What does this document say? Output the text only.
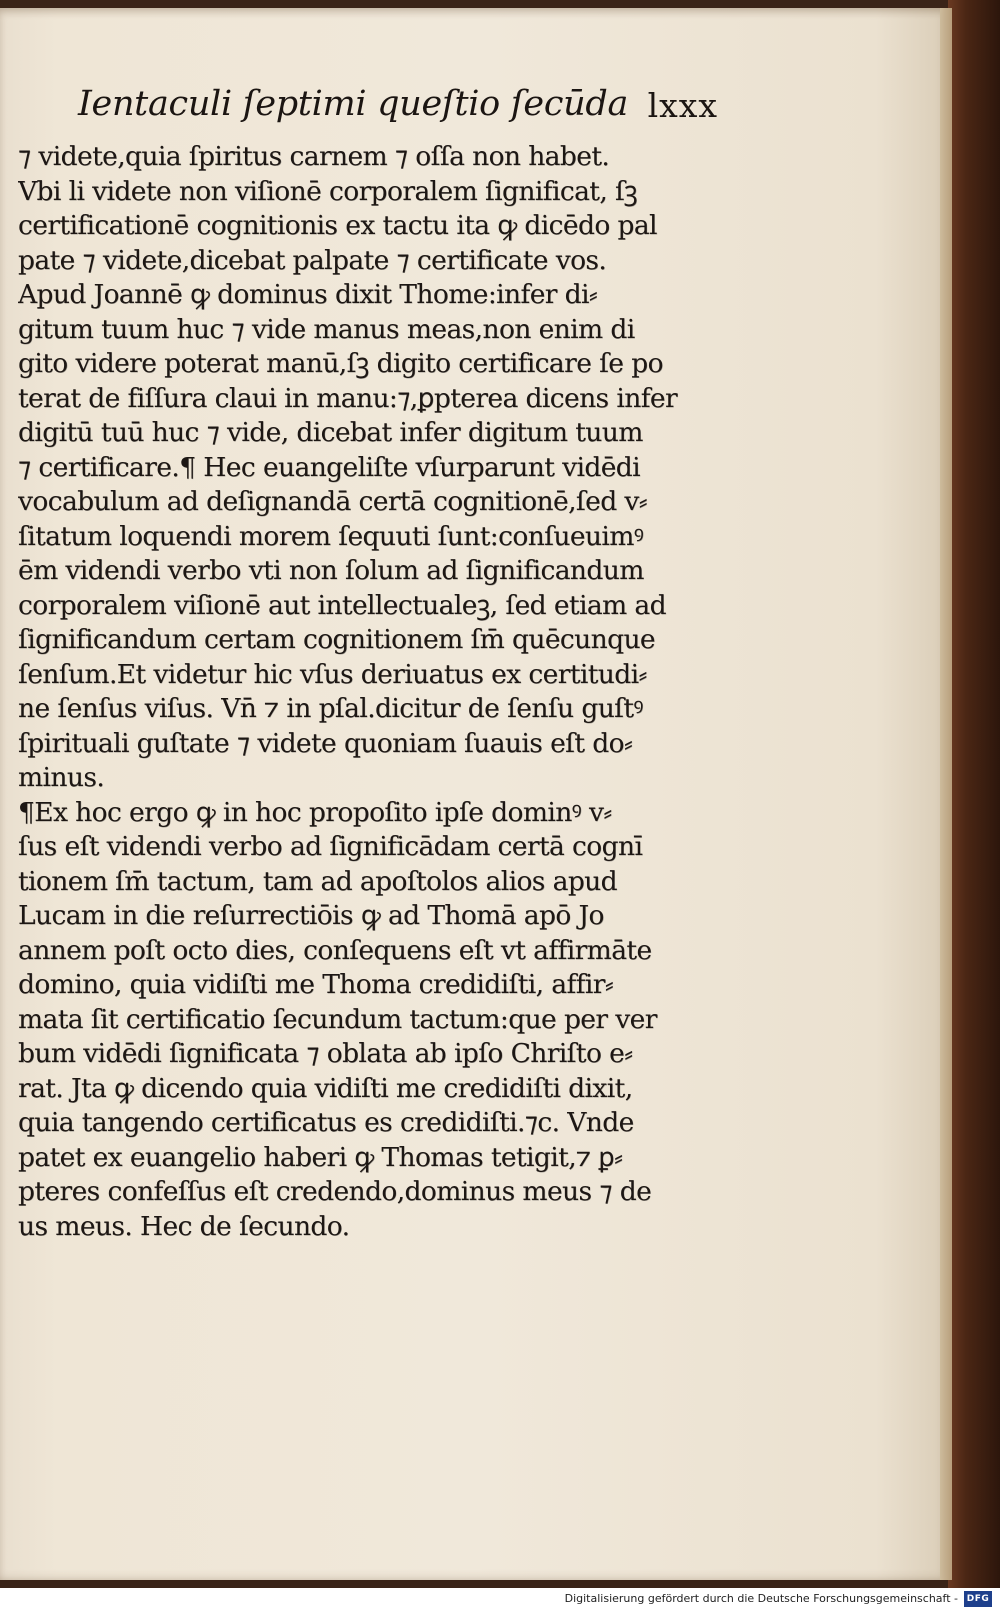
Ientaculi ſeptimi queſtio ſecūda lxxx
⁊ videte,quia ſpiritus carnem ⁊ oſſa non habet.
Vbi li videte non viſionē corporalem ſignificat, ſꝫ
certificationē cognitionis ex tactu ita ꝙ dicēdo pal
pate ⁊ videte,dicebat palpate ⁊ certificate vos.
Apud Joannē ꝙ dominus dixit Thome:infer di⸗
gitum tuum huc ⁊ vide manus meas,non enim di
gito videre poterat manū,ſꝫ digito certificare ſe po
terat de fiſſura claui in manu:⁊,ꝑpterea dicens infer
digitū tuū huc ⁊ vide, dicebat infer digitum tuum
⁊ certificare.¶ Hec euangeliſte vſurparunt vidēdi
vocabulum ad deſignandā certā cognitionē,ſed v⸗
ſitatum loquendi morem ſequuti ſunt:conſueuimꝰ
ēm videndi verbo vti non ſolum ad ſignificandum
corporalem viſionē aut intellectualeꝫ, ſed etiam ad
ſignificandum certam cognitionem ſm̄ quēcunque
ſenſum.Et videtur hic vſus deriuatus ex certitudi⸗
ne ſenſus viſus. Vn̄ ⁊ in pſal.dicitur de ſenſu guſtꝰ
ſpirituali guſtate ⁊ videte quoniam ſuauis eſt do⸗
minus.
¶Ex hoc ergo ꝙ in hoc propoſito ipſe dominꝰ v⸗
ſus eſt videndi verbo ad ſignificādam certā cognī
tionem ſm̄ tactum, tam ad apoſtolos alios apud
Lucam in die reſurrectiōis ꝙ ad Thomā apō Jo
annem poſt octo dies, conſequens eſt vt affirmāte
domino, quia vidiſti me Thoma credidiſti, affir⸗
mata ſit certificatio ſecundum tactum:que per ver
bum vidēdi ſignificata ⁊ oblata ab ipſo Chriſto e⸗
rat. Jta ꝙ dicendo quia vidiſti me credidiſti dixit,
quia tangendo certificatus es credidiſti.⁊c. Vnde
patet ex euangelio haberi ꝙ Thomas tetigit,⁊ ꝑ⸗
pteres confeſſus eſt credendo,dominus meus ⁊ de
us meus. Hec de ſecundo.
Digitalisierung gefördert durch die Deutsche Forschungsgemeinschaft - DFG
